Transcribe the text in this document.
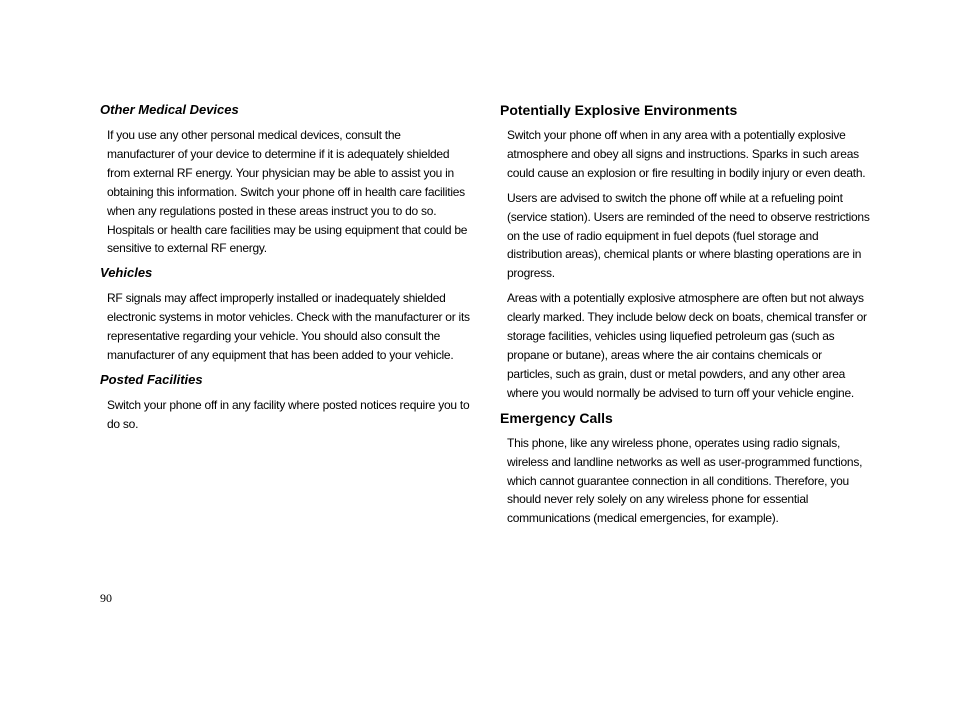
Other Medical Devices

If you use any other personal medical devices, consult the manufacturer of your device to determine if it is adequately shielded from external RF energy. Your physician may be able to assist you in obtaining this information. Switch your phone off in health care facilities when any regulations posted in these areas instruct you to do so. Hospitals or health care facilities may be using equipment that could be sensitive to external RF energy.

Vehicles

RF signals may affect improperly installed or inadequately shielded electronic systems in motor vehicles. Check with the manufacturer or its representative regarding your vehicle. You should also consult the manufacturer of any equipment that has been added to your vehicle.

Posted Facilities

Switch your phone off in any facility where posted notices require you to do so.

Potentially Explosive Environments

Switch your phone off when in any area with a potentially explosive atmosphere and obey all signs and instructions. Sparks in such areas could cause an explosion or fire resulting in bodily injury or even death.

Users are advised to switch the phone off while at a refueling point (service station). Users are reminded of the need to observe restrictions on the use of radio equipment in fuel depots (fuel storage and distribution areas), chemical plants or where blasting operations are in progress.

Areas with a potentially explosive atmosphere are often but not always clearly marked. They include below deck on boats, chemical transfer or storage facilities, vehicles using liquefied petroleum gas (such as propane or butane), areas where the air contains chemicals or particles, such as grain, dust or metal powders, and any other area where you would normally be advised to turn off your vehicle engine.

Emergency Calls

This phone, like any wireless phone, operates using radio signals, wireless and landline networks as well as user-programmed functions, which cannot guarantee connection in all conditions. Therefore, you should never rely solely on any wireless phone for essential communications (medical emergencies, for example).

90
